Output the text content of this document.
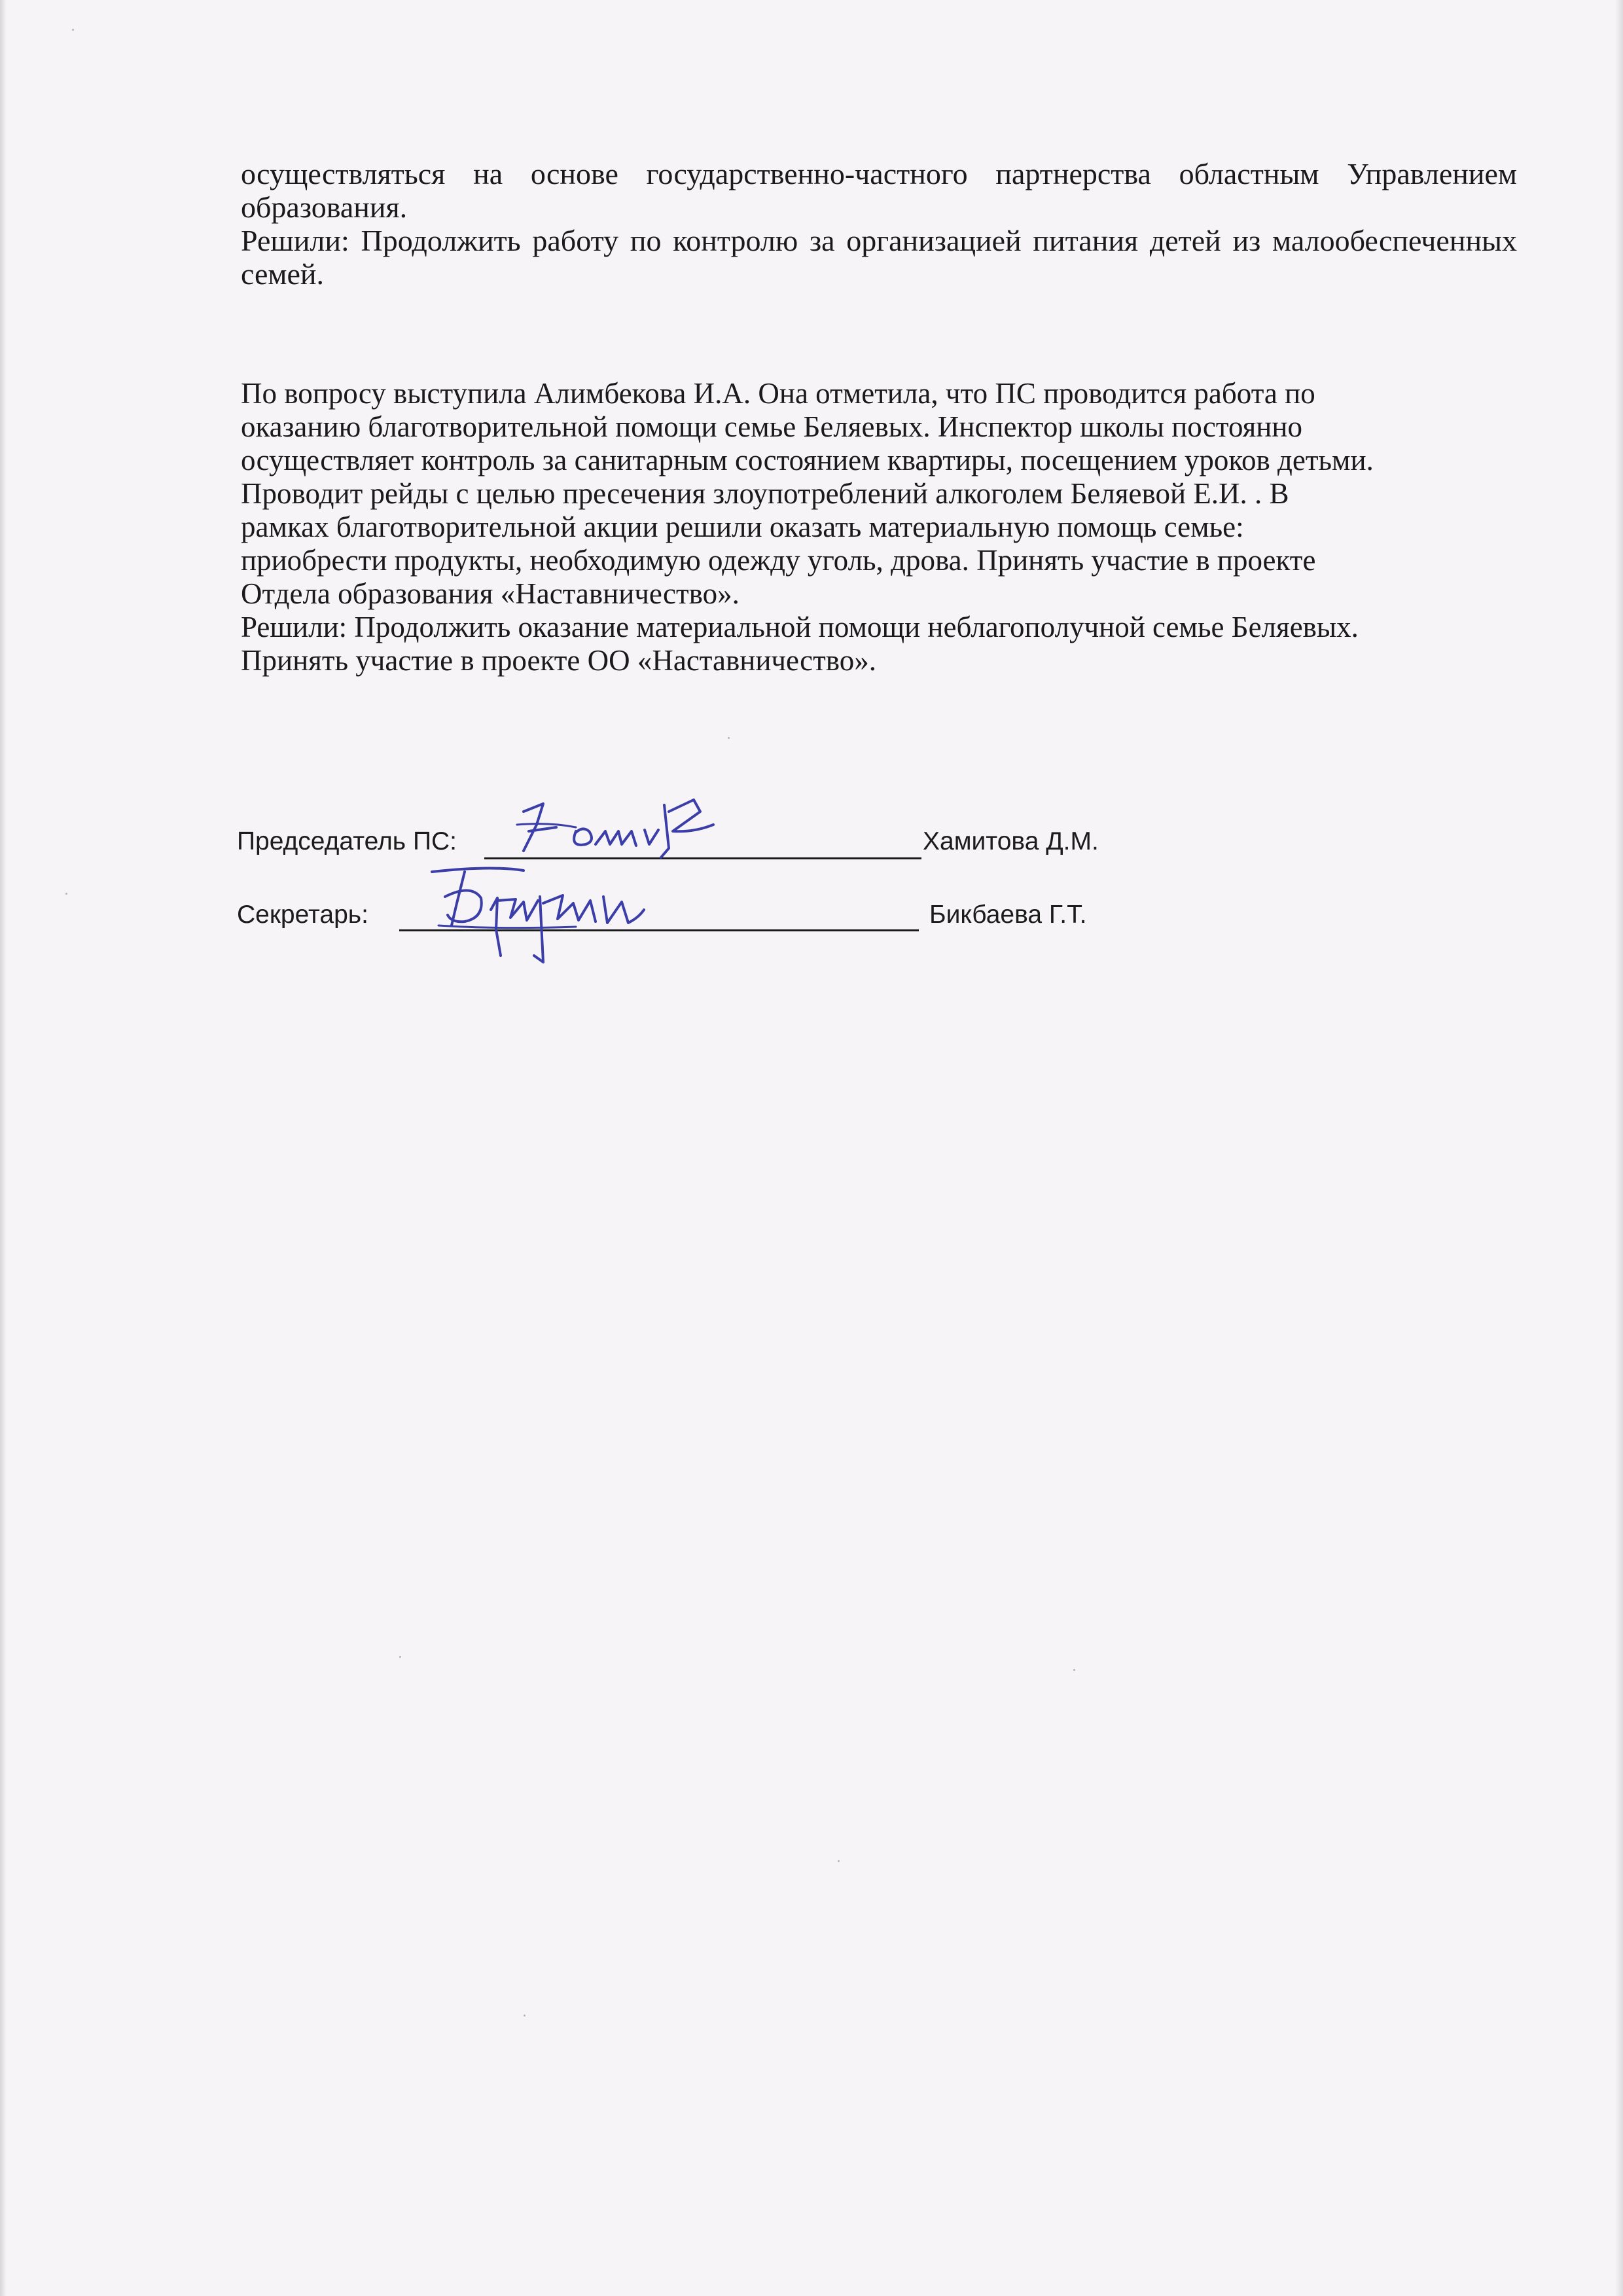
осуществляться на основе государственно-частного партнерства областным Управлением образования.

Решили: Продолжить работу по контролю за организацией питания детей из малообеспеченных семей.

По вопросу выступила Алимбекова И.А. Она отметила, что ПС проводится работа по

оказанию благотворительной помощи семье Беляевых. Инспектор школы постоянно

осуществляет контроль за санитарным состоянием квартиры, посещением уроков детьми.

Проводит рейды с целью пресечения злоупотреблений алкоголем Беляевой Е.И. . В

рамках благотворительной акции решили оказать материальную помощь семье:

приобрести продукты, необходимую одежду уголь, дрова. Принять участие в проекте

Отдела образования «Наставничество».

Решили: Продолжить оказание материальной помощи неблагополучной семье Беляевых.

Принять участие в проекте ОО «Наставничество».

Председатель ПС:	Хамитова Д.М.
Секретарь:	Бикбаева Г.Т.
